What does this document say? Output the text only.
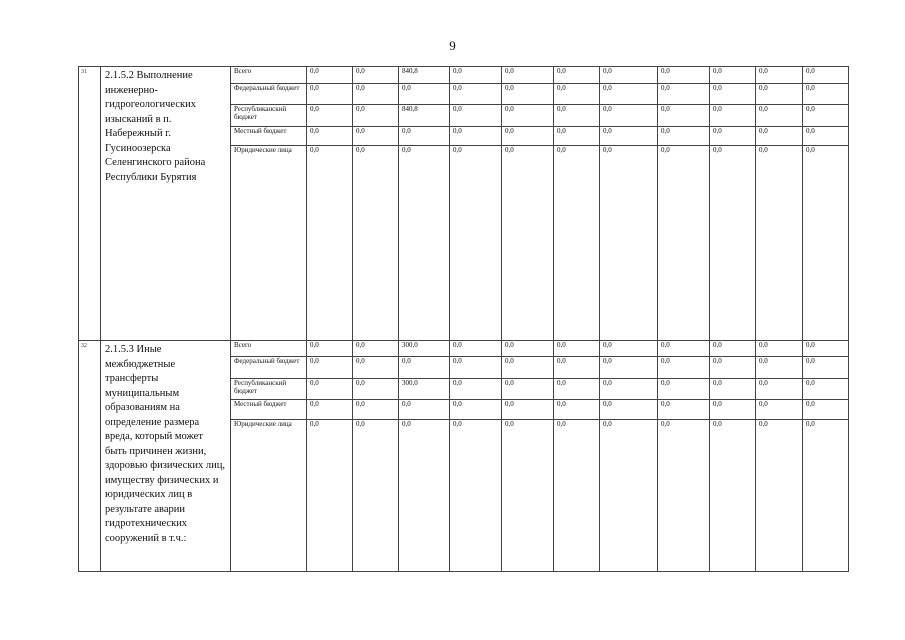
9
31	2.1.5.2 Выполнение инженерно-гидрогеологических изысканий в п. Набережный г. Гусиноозерска Селенгинского района Республики Бурятия	Всего	0,0	0,0	840,8	0,0	0,0	0,0	0,0	0,0	0,0	0,0	0,0
		Федеральный бюджет	0,0	0,0	0,0	0,0	0,0	0,0	0,0	0,0	0,0	0,0	0,0
		Республиканский бюджет	0,0	0,0	840,8	0,0	0,0	0,0	0,0	0,0	0,0	0,0	0,0
		Местный бюджет	0,0	0,0	0,0	0,0	0,0	0,0	0,0	0,0	0,0	0,0	0,0
		Юридические лица	0,0	0,0	0,0	0,0	0,0	0,0	0,0	0,0	0,0	0,0	0,0
32	2.1.5.3 Иные межбюджетные трансферты муниципальным образованиям на определение размера вреда, который может быть причинен жизни, здоровью физических лиц, имуществу физических и юридических лиц в результате аварии гидротехнических сооружений в т.ч.:	Всего	0,0	0,0	300,0	0,0	0,0	0,0	0,0	0,0	0,0	0,0	0,0
		Федеральный бюджет	0,0	0,0	0,0	0,0	0,0	0,0	0,0	0,0	0,0	0,0	0,0
		Республиканский бюджет	0,0	0,0	300,0	0,0	0,0	0,0	0,0	0,0	0,0	0,0	0,0
		Местный бюджет	0,0	0,0	0,0	0,0	0,0	0,0	0,0	0,0	0,0	0,0	0,0
		Юридические лица	0,0	0,0	0,0	0,0	0,0	0,0	0,0	0,0	0,0	0,0	0,0
